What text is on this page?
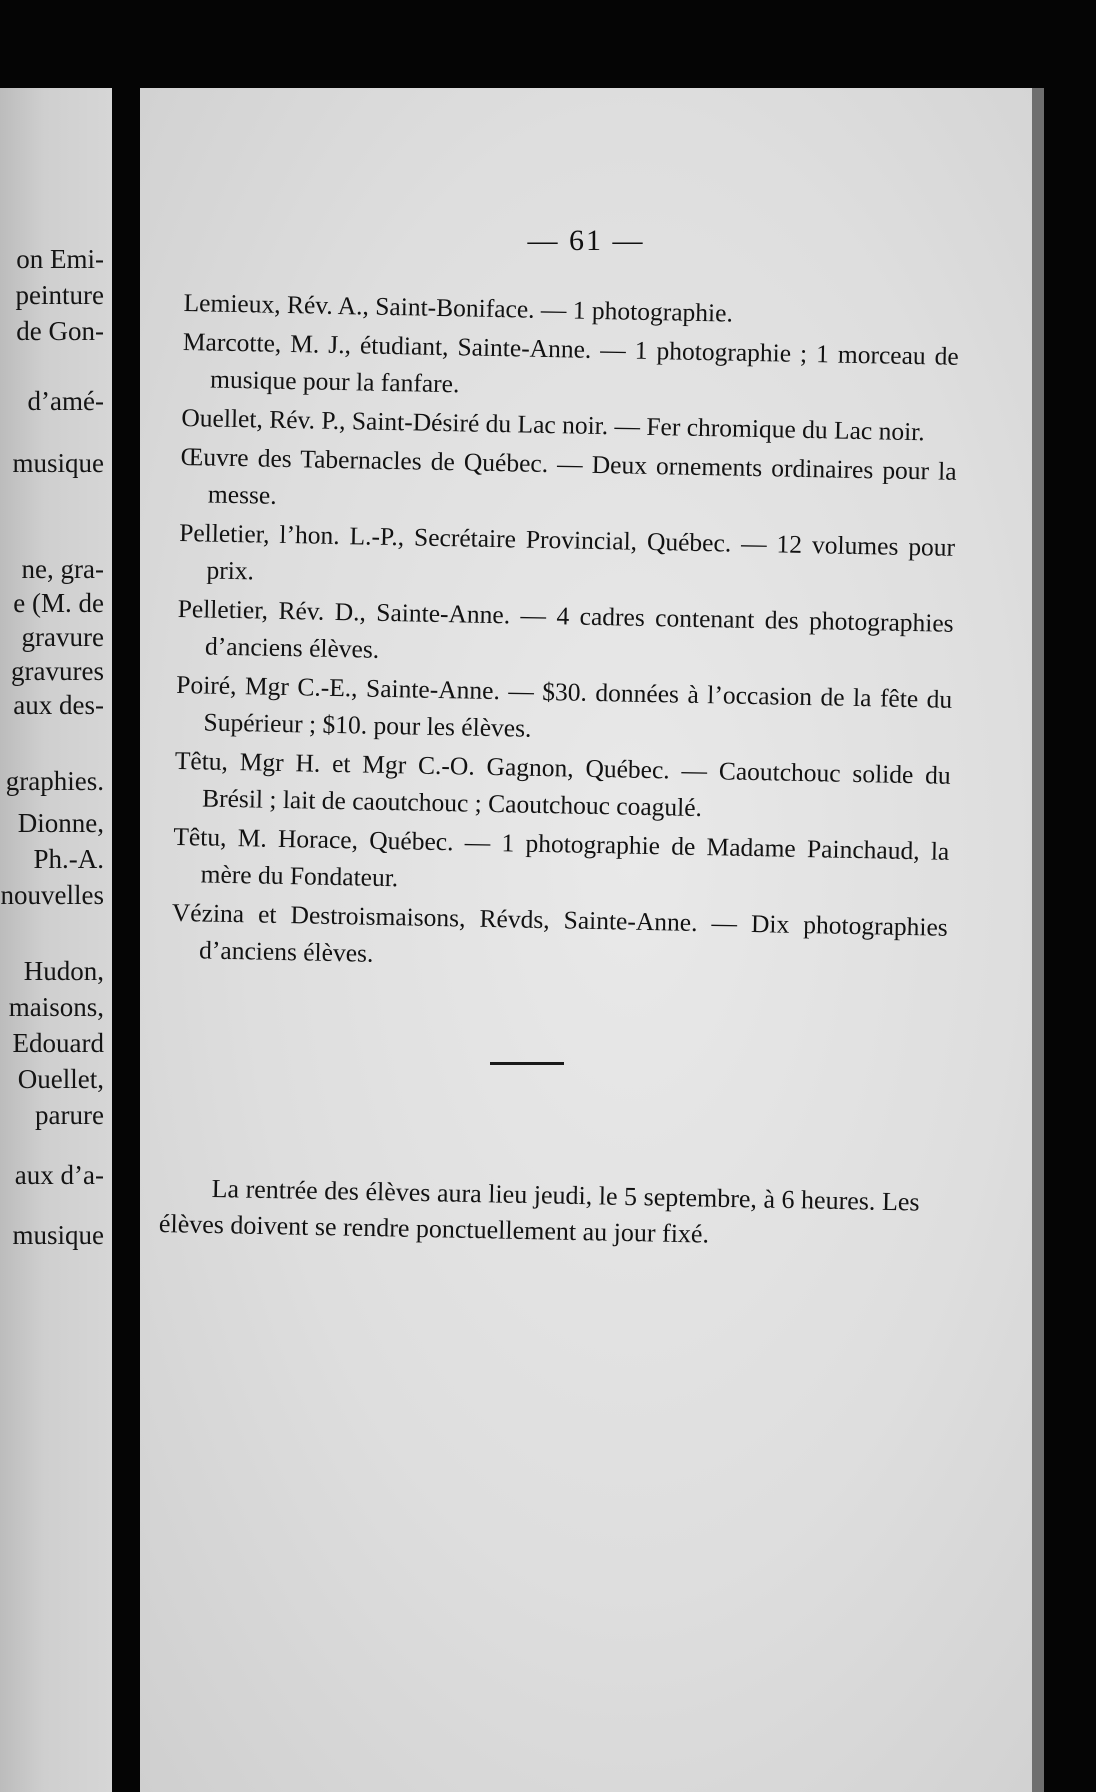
on Emi-
peinture
de Gon-
d’amé-
musique
ne, gra-
e (M. de
gravure
gravures
aux des-
graphies.
Dionne,
Ph.-A.
nouvelles
Hudon,
maisons,
Edouard
Ouellet,
parure
aux d’a-
musique
— 61 —

Lemieux, Rév. A., Saint-Boniface. — 1 photographie.

Marcotte, M. J., étudiant, Sainte-Anne. — 1 photographie ; 1 morceau de musique pour la fanfare.

Ouellet, Rév. P., Saint-Désiré du Lac noir. — Fer chromique du Lac noir.

Œuvre des Tabernacles de Québec. — Deux ornements ordinaires pour la messe.

Pelletier, l’hon. L.-P., Secrétaire Provincial, Québec. — 12 volumes pour prix.

Pelletier, Rév. D., Sainte-Anne. — 4 cadres contenant des photographies d’anciens élèves.

Poiré, Mgr C.-E., Sainte-Anne. — $30. données à l’occasion de la fête du Supérieur ; $10. pour les élèves.

Têtu, Mgr H. et Mgr C.-O. Gagnon, Québec. — Caoutchouc solide du Brésil ; lait de caoutchouc ; Caoutchouc coagulé.

Têtu, M. Horace, Québec. — 1 photographie de Madame Painchaud, la mère du Fondateur.

Vézina et Destroismaisons, Révds, Sainte-Anne. — Dix photographies d’anciens élèves.

La rentrée des élèves aura lieu jeudi, le 5 septembre, à 6 heures. Les élèves doivent se rendre ponctuellement au jour fixé.
